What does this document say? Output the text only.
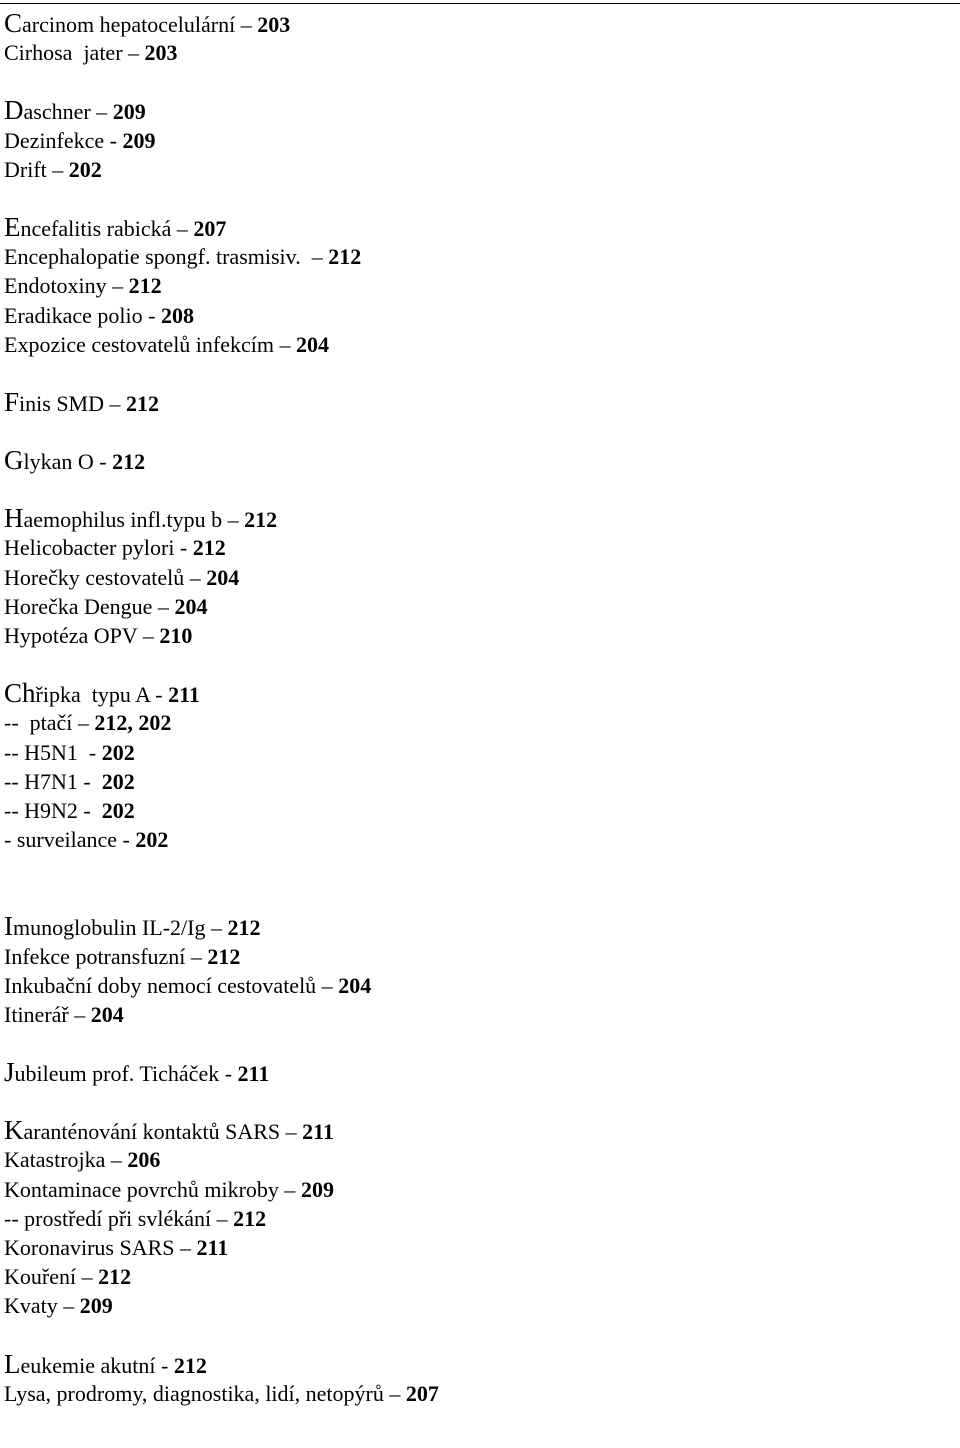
Carcinom hepatocelulární – 203
Cirhosa  jater – 203
Daschner – 209
Dezinfekce - 209
Drift – 202
Encefalitis rabická – 207
Encephalopatie spongf. trasmisiv.  – 212
Endotoxiny – 212
Eradikace polio - 208
Expozice cestovatelů infekcím – 204
Finis SMD – 212
Glykan O - 212
Haemophilus infl.typu b – 212
Helicobacter pylori - 212
Horečky cestovatelů – 204
Horečka Dengue – 204
Hypotéza OPV – 210
Chřipka  typu A - 211
--  ptačí – 212, 202
-- H5N1  - 202
-- H7N1 -  202
-- H9N2 -  202
- surveilance - 202
Imunoglobulin IL-2/Ig – 212
Infekce potransfuzní – 212
Inkubační doby nemocí cestovatelů – 204
Itinerář – 204
Jubileum prof. Ticháček - 211
Karanténování kontaktů SARS – 211
Katastrojka – 206
Kontaminace povrchů mikroby – 209
-- prostředí při svlékání – 212
Koronavirus SARS – 211
Kouření – 212
Kvaty – 209
Leukemie akutní - 212
Lysa, prodromy, diagnostika, lidí, netopýrů – 207
